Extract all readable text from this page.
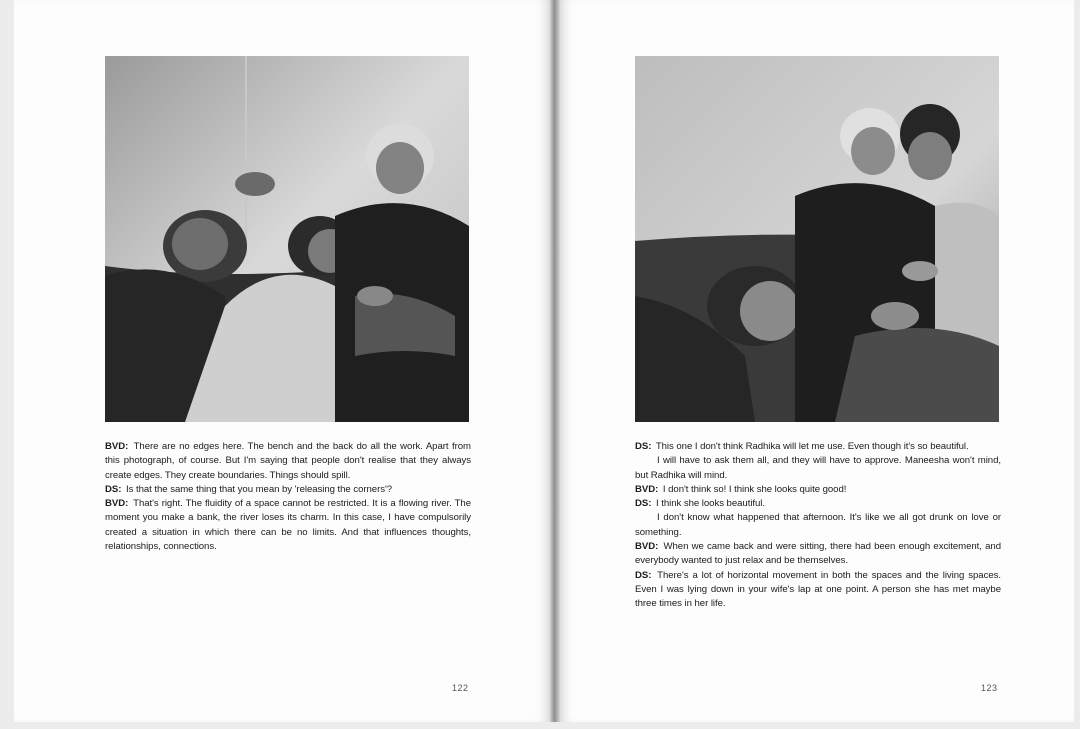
BVD: There are no edges here. The bench and the back do all the work. Apart from this photograph, of course. But I'm saying that people don't realise that they always create edges. They create boundaries. Things should spill.

DS: Is that the same thing that you mean by 'releasing the corners'?

BVD: That's right. The fluidity of a space cannot be restricted. It is a flowing river. The moment you make a bank, the river loses its charm. In this case, I have compulsorily created a situation in which there can be no limits. And that influences thoughts, relationships, connections.

122

DS: This one I don't think Radhika will let me use. Even though it's so beautiful.

I will have to ask them all, and they will have to approve. Maneesha won't mind, but Radhika will mind.

BVD: I don't think so! I think she looks quite good!

DS: I think she looks beautiful.

I don't know what happened that afternoon. It's like we all got drunk on love or something.

BVD: When we came back and were sitting, there had been enough excitement, and everybody wanted to just relax and be themselves.

DS: There's a lot of horizontal movement in both the spaces and the living spaces. Even I was lying down in your wife's lap at one point. A person she has met maybe three times in her life.

123
